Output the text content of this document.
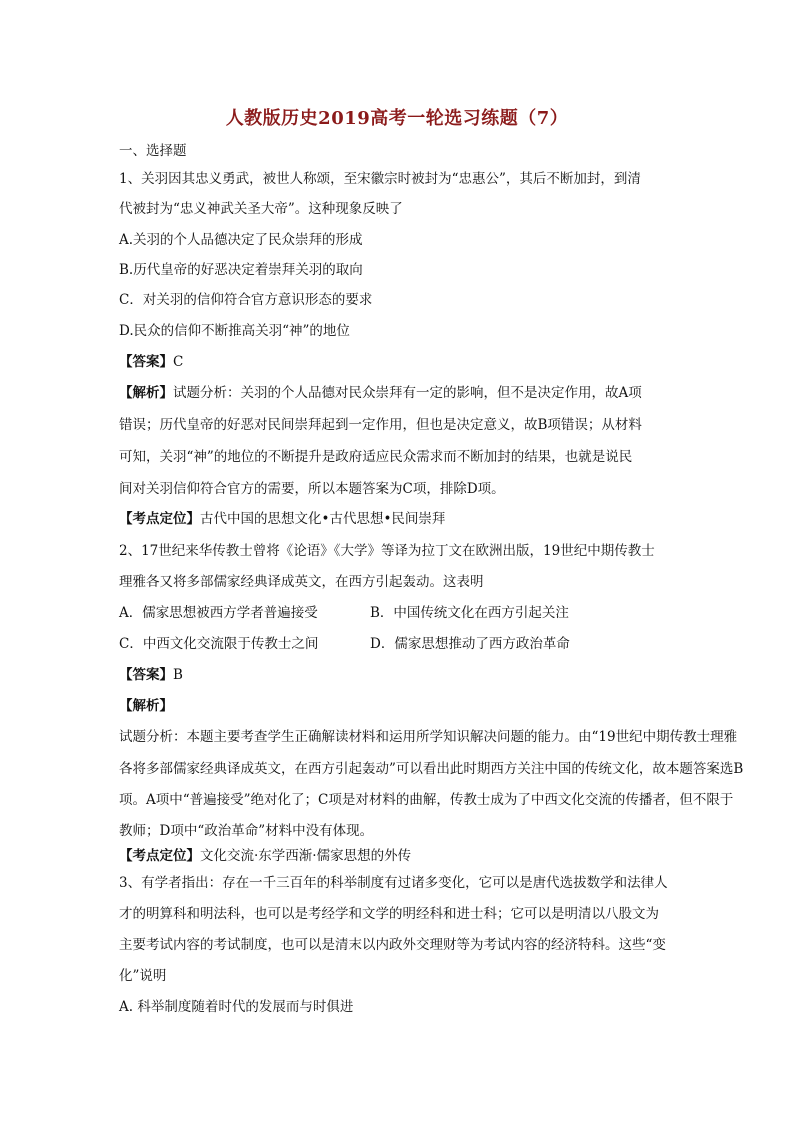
人教版历史2019高考一轮选习练题（7）
一、选择题
1、关羽因其忠义勇武，被世人称颂，至宋徽宗时被封为“忠惠公”，其后不断加封，到清
代被封为“忠义神武关圣大帝”。这种现象反映了
A.关羽的个人品德决定了民众崇拜的形成
B.历代皇帝的好恶决定着崇拜关羽的取向
C．对关羽的信仰符合官方意识形态的要求
D.民众的信仰不断推高关羽“神”的地位
【答案】C
【解析】试题分析：关羽的个人品德对民众崇拜有一定的影响，但不是决定作用，故A项
错误；历代皇帝的好恶对民间崇拜起到一定作用，但也是决定意义，故B项错误；从材料
可知，关羽“神”的地位的不断提升是政府适应民众需求而不断加封的结果，也就是说民
间对关羽信仰符合官方的需要，所以本题答案为C项，排除D项。
【考点定位】古代中国的思想文化•古代思想•民间崇拜
2、17世纪来华传教士曾将《论语》《大学》等译为拉丁文在欧洲出版，19世纪中期传教士
理雅各又将多部儒家经典译成英文，在西方引起轰动。这表明
A．儒家思想被西方学者普遍接受	B．中国传统文化在西方引起关注
C．中西文化交流限于传教士之间	D．儒家思想推动了西方政治革命
【答案】B
【解析】
试题分析：本题主要考查学生正确解读材料和运用所学知识解决问题的能力。由“19世纪中期传教士理雅
各将多部儒家经典译成英文，在西方引起轰动”可以看出此时期西方关注中国的传统文化，故本题答案选B
项。A项中“普遍接受”绝对化了；C项是对材料的曲解，传教士成为了中西文化交流的传播者，但不限于
教师；D项中“政治革命”材料中没有体现。
【考点定位】文化交流·东学西渐·儒家思想的外传
3、有学者指出：存在一千三百年的科举制度有过诸多变化，它可以是唐代选拔数学和法律人
才的明算科和明法科，也可以是考经学和文学的明经科和进士科；它可以是明清以八股文为
主要考试内容的考试制度，也可以是清末以内政外交理财等为考试内容的经济特科。这些“变
化”说明
A. 科举制度随着时代的发展而与时俱进
